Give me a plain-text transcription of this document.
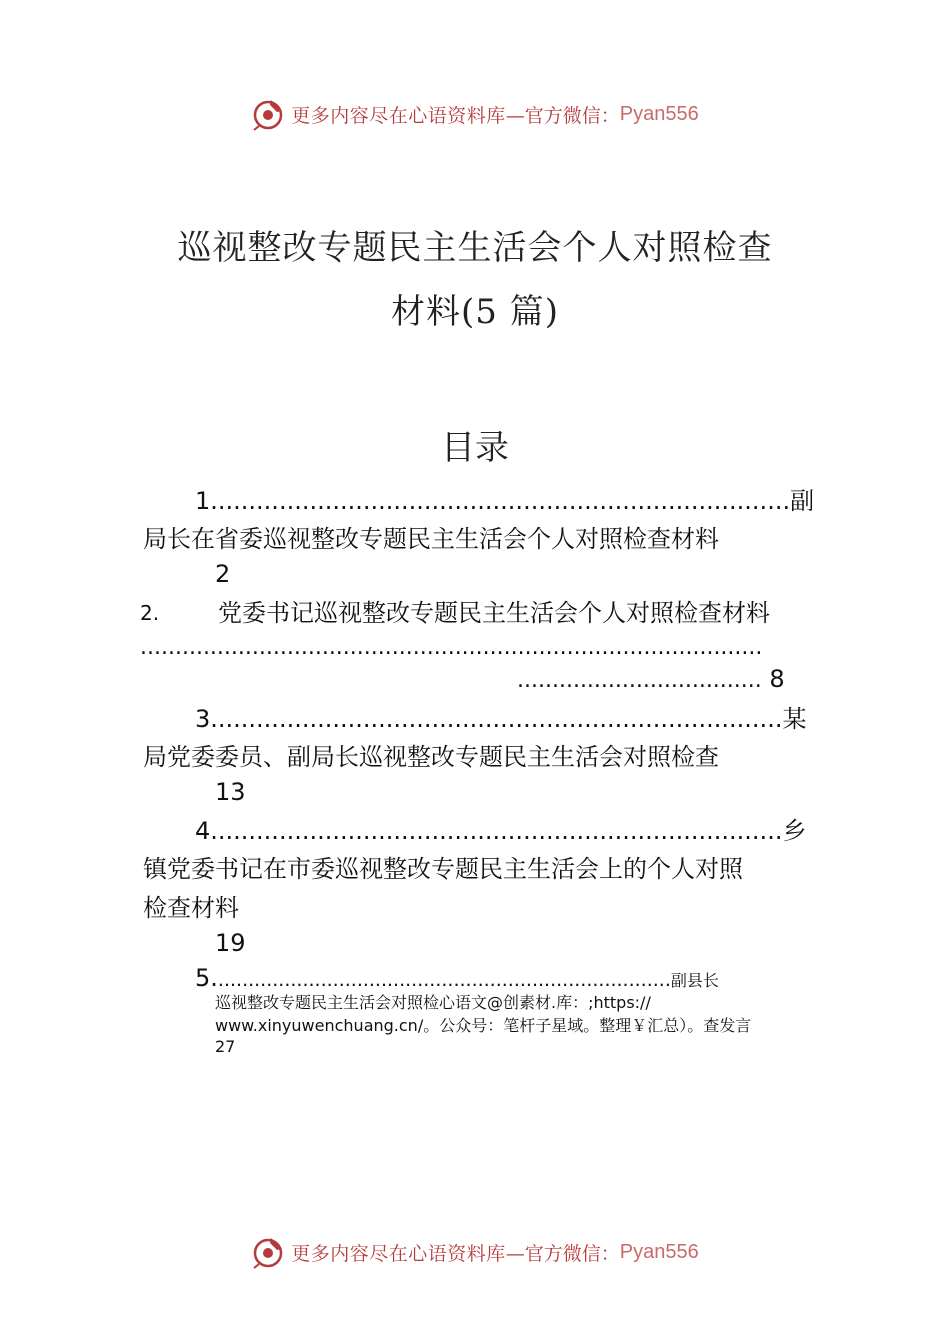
更多内容尽在心语资料库 —官方微信： Pyan556
巡视整改专题民主生活会个人对照检查
材料(5 篇)
目录
1............................................................................副
局长在省委巡视整改专题民主生活会个人对照检查材料
2
2. 党委书记巡视整改专题民主生活会个人对照检查材料
.........................................................................................
................................... 8
3...........................................................................某
局党委委员、副局长巡视整改专题民主生活会对照检查
13
4...........................................................................乡
镇党委书记在市委巡视整改专题民主生活会上的个人对照
检查材料
19
5............................................................................副县长
巡视整改专题民主生活会对照检心语文@创素材.库：;https://
www.xinyuwenchuang.cn/。公众号：笔杆子星域。整理￥汇总）。查发言
27
更多内容尽在心语资料库 —官方微信： Pyan556
